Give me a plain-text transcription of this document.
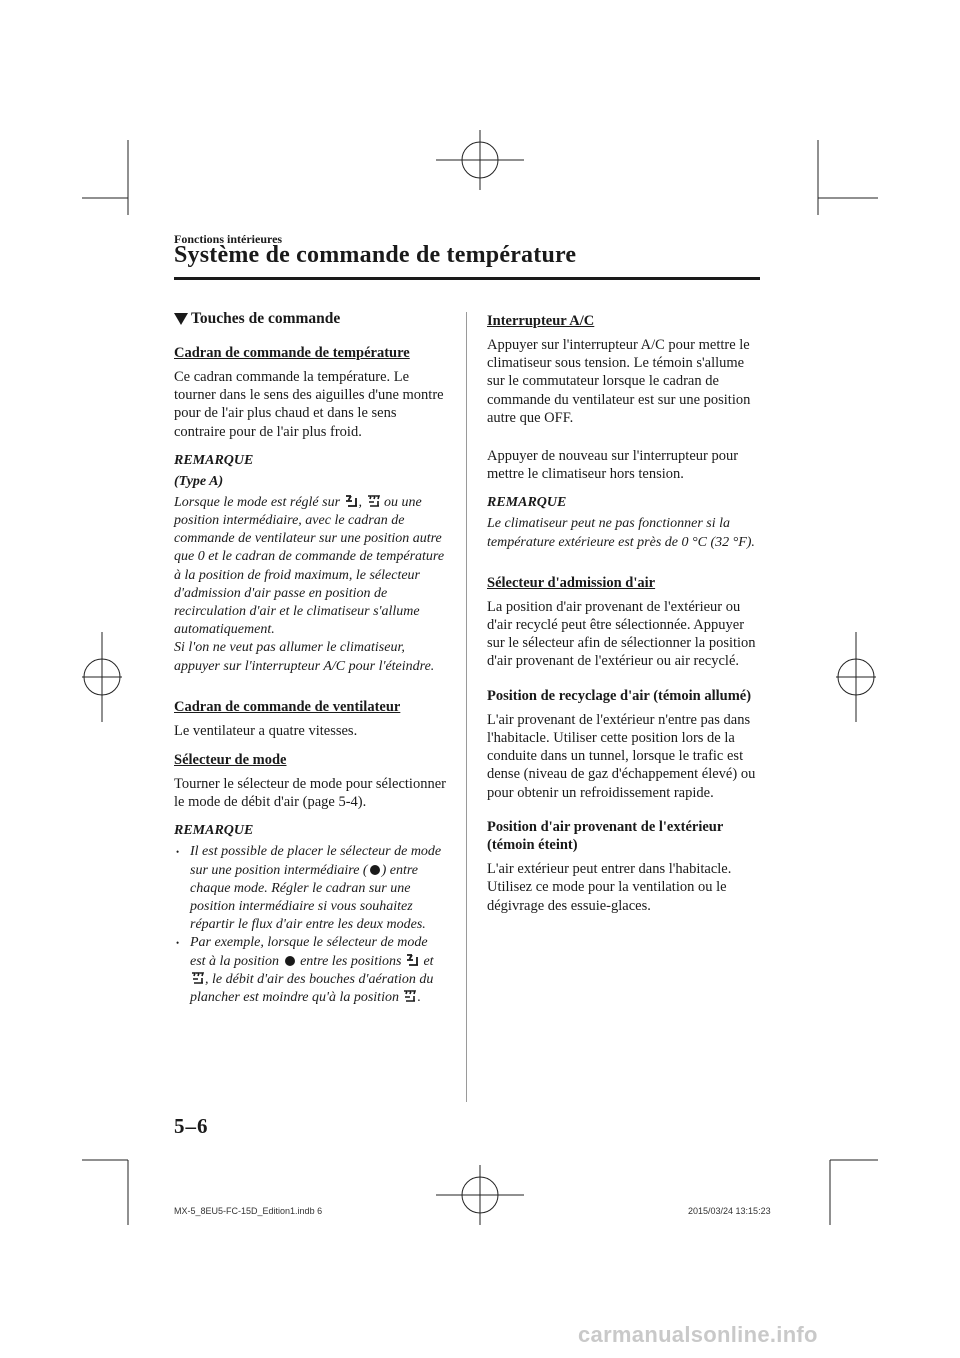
Fonctions intérieures
Système de commande de température
Touches de commande
Cadran de commande de température

Ce cadran commande la température. Le tourner dans le sens des aiguilles d'une montre pour de l'air plus chaud et dans le sens contraire pour de l'air plus froid.

REMARQUE
(Type A)
Lorsque le mode est réglé sur ,  ou une position intermédiaire, avec le cadran de commande de ventilateur sur une position autre que 0 et le cadran de commande de température à la position de froid maximum, le sélecteur d'admission d'air passe en position de recirculation d'air et le climatiseur s'allume automatiquement.

Si l'on ne veut pas allumer le climatiseur, appuyer sur l'interrupteur A/C pour l'éteindre.

Cadran de commande de ventilateur

Le ventilateur a quatre vitesses.

Sélecteur de mode

Tourner le sélecteur de mode pour sélectionner le mode de débit d'air (page 5-4).

REMARQUE
• Il est possible de placer le sélecteur de mode sur une position intermédiaire ( ) entre chaque mode. Régler le cadran sur une position intermédiaire si vous souhaitez répartir le flux d'air entre les deux modes.
• Par exemple, lorsque le sélecteur de mode est à la position  entre les positions  et , le débit d'air des bouches d'aération du plancher est moindre qu'à la position .
Interrupteur A/C

Appuyer sur l'interrupteur A/C pour mettre le climatiseur sous tension. Le témoin s'allume sur le commutateur lorsque le cadran de commande du ventilateur est sur une position autre que OFF.

Appuyer de nouveau sur l'interrupteur pour mettre le climatiseur hors tension.

REMARQUE

Le climatiseur peut ne pas fonctionner si la température extérieure est près de 0 °C (32 °F).

Sélecteur d'admission d'air

La position d'air provenant de l'extérieur ou d'air recyclé peut être sélectionnée. Appuyer sur le sélecteur afin de sélectionner la position d'air provenant de l'extérieur ou air recyclé.

Position de recyclage d'air (témoin allumé)

L'air provenant de l'extérieur n'entre pas dans l'habitacle. Utiliser cette position lors de la conduite dans un tunnel, lorsque le trafic est dense (niveau de gaz d'échappement élevé) ou pour obtenir un refroidissement rapide.

Position d'air provenant de l'extérieur (témoin éteint)

L'air extérieur peut entrer dans l'habitacle. Utilisez ce mode pour la ventilation ou le dégivrage des essuie-glaces.

5–6
MX-5_8EU5-FC-15D_Edition1.indb 6	2015/03/24 13:15:23
carmanualsonline.info
